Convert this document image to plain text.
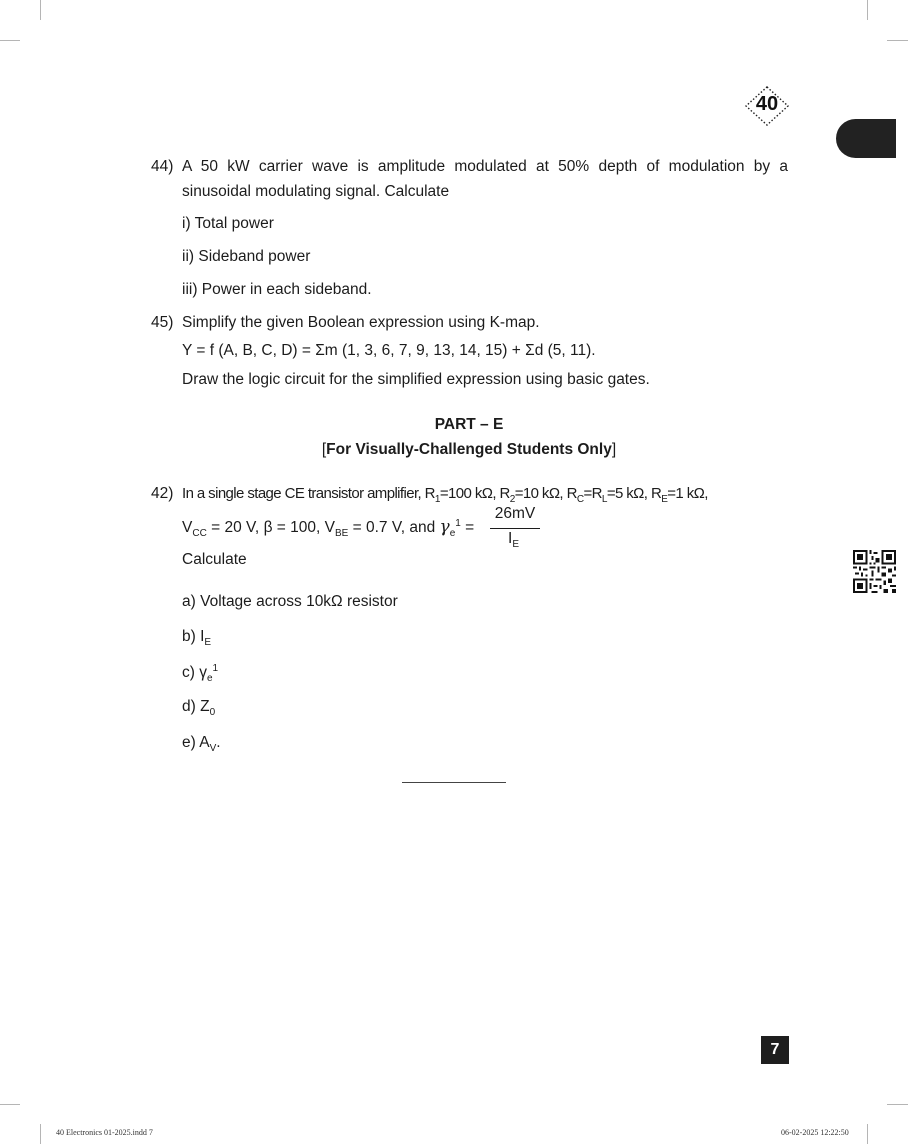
40
44) A 50 kW carrier wave is amplitude modulated at 50% depth of modulation by a sinusoidal modulating signal. Calculate
i) Total power
ii) Sideband power
iii) Power in each sideband.
45) Simplify the given Boolean expression using K-map.
Y = f (A, B, C, D) = Σm (1, 3, 6, 7, 9, 13, 14, 15) + Σd (5, 11).
Draw the logic circuit for the simplified expression using basic gates.
PART – E
[For Visually-Challenged Students Only]
42) In a single stage CE transistor amplifier, $R_1=100$ kΩ, $R_2=10$ kΩ, $R_C=R_L=5$ kΩ, $R_E=1$ kΩ,
$V_{CC} = 20$ V, β = 100, $V_{BE} = 0.7$ V, and $\gamma_e^1$ =
26mV
$I_E$
Calculate
a) Voltage across 10kΩ resistor
b) $I_E$
c) $\gamma_e^1$
d) $Z_0$
e) $A_V$.
7
40 Electronics 01-2025.indd 7	06-02-2025 12:22:50
